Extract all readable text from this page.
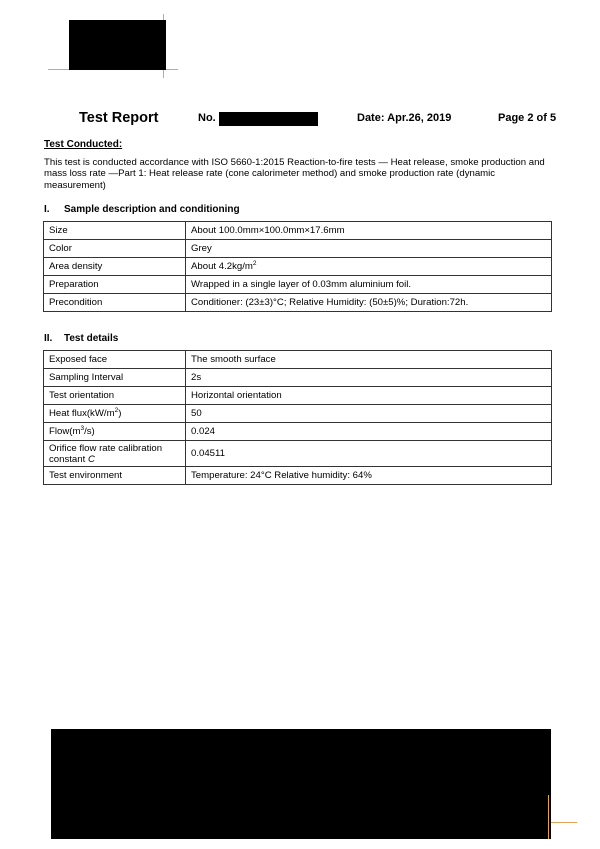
Test Report	No.	Date: Apr.26, 2019	Page 2 of 5
Test Conducted:
This test is conducted accordance with ISO 5660-1:2015 Reaction-to-fire tests — Heat release, smoke production and mass loss rate —Part 1: Heat release rate (cone calorimeter method) and smoke production rate (dynamic measurement)
I. Sample description and conditioning
Size	About 100.0mm×100.0mm×17.6mm
Color	Grey
Area density	About $4.2kg/m^2$
Preparation	Wrapped in a single layer of 0.03mm aluminium foil.
Precondition	Conditioner: (23±3)°C; Relative Humidity: (50±5)%; Duration:72h.
II. Test details
Exposed face	The smooth surface
Sampling Interval	2s
Test orientation	Horizontal orientation
Heat $flux(kW/m^2)$	50
$Flow(m^3/s)$	0.024
Orifice flow rate calibration
constant C	0.04511
Test environment	Temperature: 24°C Relative humidity: 64%
